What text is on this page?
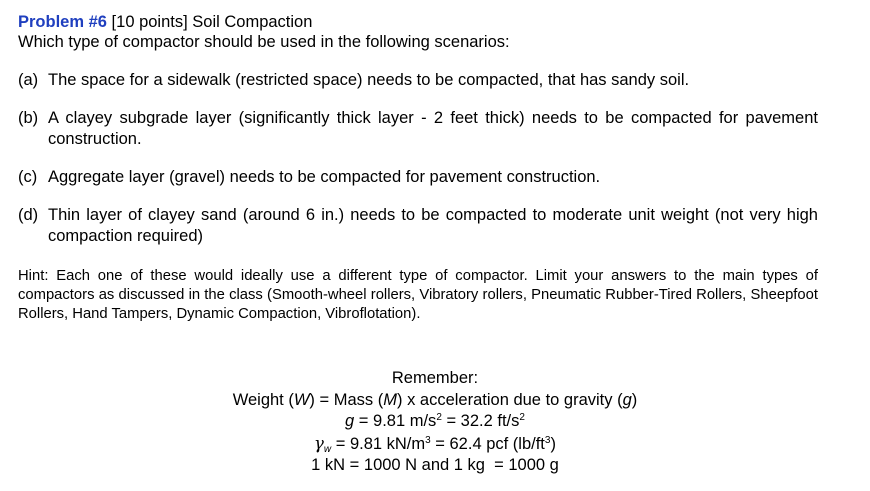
Problem #6 [10 points] Soil Compaction

Which type of compactor should be used in the following scenarios:

(a) The space for a sidewalk (restricted space) needs to be compacted, that has sandy soil.
(b) A clayey subgrade layer (significantly thick layer - 2 feet thick) needs to be compacted for pavement construction.
(c) Aggregate layer (gravel) needs to be compacted for pavement construction.
(d) Thin layer of clayey sand (around 6 in.) needs to be compacted to moderate unit weight (not very high compaction required)
Hint: Each one of these would ideally use a different type of compactor. Limit your answers to the main types of compactors as discussed in the class (Smooth-wheel rollers, Vibratory rollers, Pneumatic Rubber-Tired Rollers, Sheepfoot Rollers, Hand Tampers, Dynamic Compaction, Vibroflotation).
Remember:
Weight (W) = Mass (M) x acceleration due to gravity (g)
g = 9.81 $m/s^2 = 32.2$ $ft/s^2$
$\gamma_w = 9.81$ $kN/m^3 = 62.4$ pcf $(lb/ft^3)$
1 kN = 1000 N and 1 kg  = 1000 g
